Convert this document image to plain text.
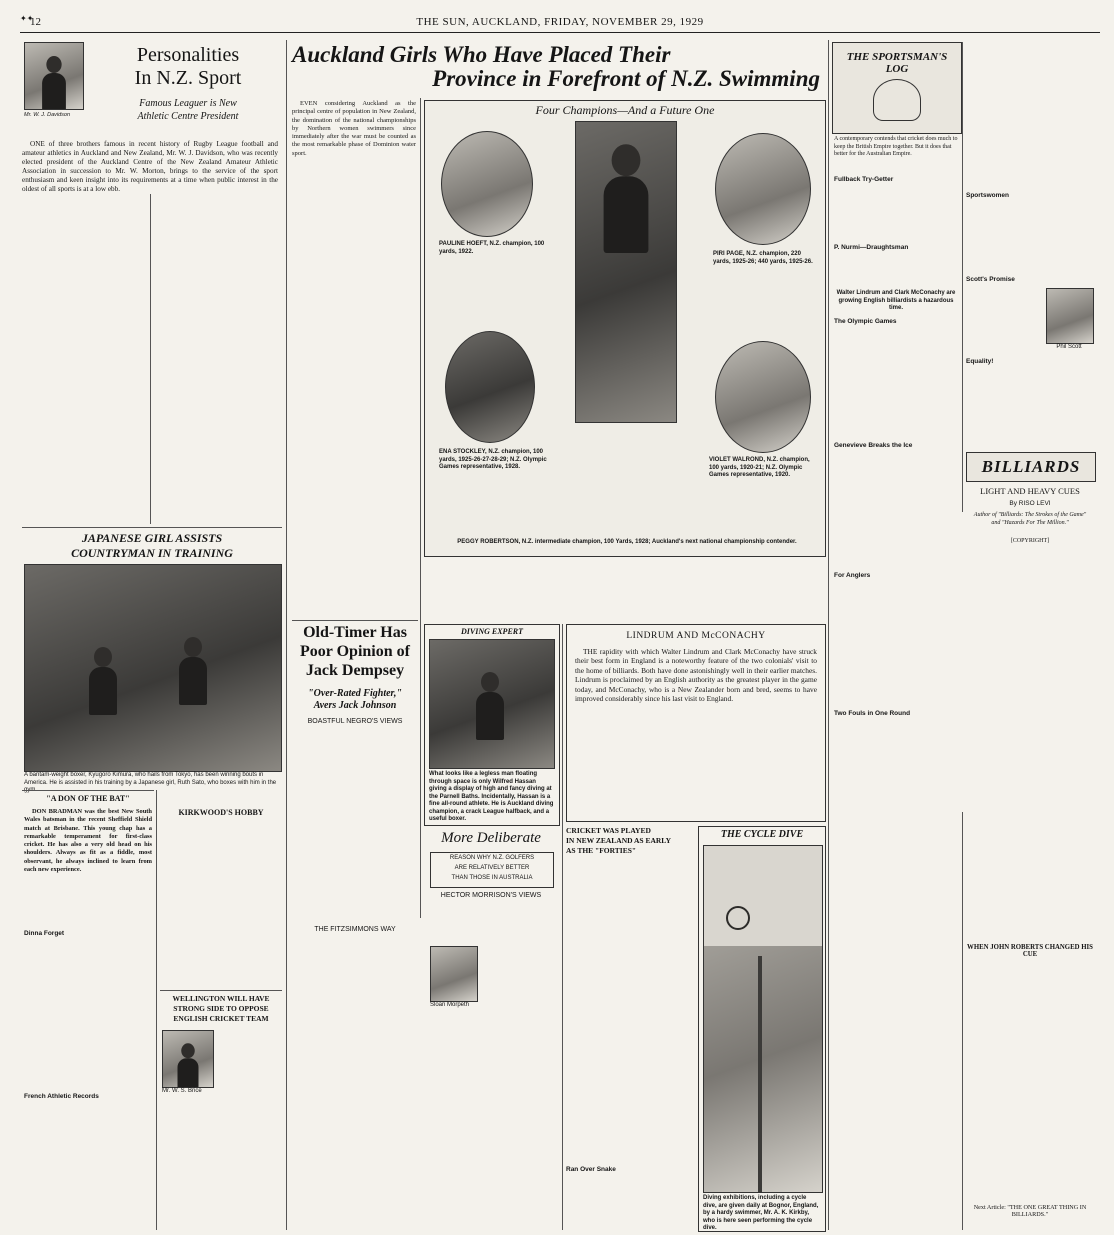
✦✦
12	THE SUN, AUCKLAND, FRIDAY, NOVEMBER 29, 1929
Mr. W. J. Davidson
Personalities
In N.Z. Sport
Famous Leaguer is New
Athletic Centre President

ONE of three brothers famous in recent history of Rugby League football and amateur athletics in Auckland and New Zealand, Mr. W. J. Davidson, who was recently elected president of the Auckland Centre of the New Zealand Amateur Athletic Association in succession to Mr. W. Morton, brings to the service of the sport enthusiasm and keen insight into its requirements at a time when public interest in the oldest of all sports is at a low ebb.

JAPANESE GIRL ASSISTS
COUNTRYMAN IN TRAINING
A bantam-weight boxer, Kyugoro Kimura, who hails from Tokyo, has been winning bouts in America. He is assisted in his training by a Japanese girl, Ruth Sato, who boxes with him in the
"A DON OF THE BAT"

DON BRADMAN was the best New South Wales batsman in the recent Sheffield Shield match at Brisbane. This young chap has a remarkable temperament for first-class cricket. He has also a very old head on his shoulders. Always as fit as a fiddle, most observant, he always inclined to learn from each new experience.

Dinna Forget
French Athletic Records
KIRKWOOD'S HOBBY
WELLINGTON WILL HAVE
STRONG SIDE TO OPPOSE
ENGLISH CRICKET TEAM
Mr. W. S. Brice
Auckland Girls Who Have Placed Their
Province in Forefront of N.Z. Swimming

EVEN considering Auckland as the principal centre of population in New Zealand, the domination of the national championships by Northern women swimmers since immediately after the war must be counted as the most remarkable phase of Dominion water sport.

Four Champions—And a Future One
PAULINE HOEFT, N.Z. champion, 100 yards, 1922.	PIRI PAGE, N.Z. champion, 220 yards, 1925-26; 440 yards, 1925-26.
ENA STOCKLEY, N.Z. champion, 100 yards, 1925-26-27-28-29; N.Z. Olympic Games representative, 1928.
VIOLET WALROND, N.Z. champion, 100 yards, 1920-21; N.Z. Olympic Games representative, 1920.
PEGGY ROBERTSON, N.Z. intermediate champion, 100 Yards, 1928; Auckland's next national championship contender.
Old-Timer Has
Poor Opinion of
Jack Dempsey
"Over-Rated Fighter,"
Avers Jack Johnson
BOASTFUL NEGRO'S VIEWS
THE FITZSIMMONS WAY
DIVING EXPERT
What looks like a legless man floating through space is only Wilfred Hassan giving a display of high and fancy diving at the Parnell Baths. Incidentally, Hassan is a fine all-round athlete. He is Auckland diving champion, a crack League halfback, and a useful boxer.
More Deliberate
REASON WHY N.Z. GOLFERS
ARE RELATIVELY BETTER
THAN THOSE IN AUSTRALIA
HECTOR MORRISON'S VIEWS
Sloan Morpeth
LINDRUM AND McCONACHY

THE rapidity with which Walter Lindrum and Clark McConachy have struck their best form in England is a noteworthy feature of the two colonials' visit to the home of billiards. Both have done astonishingly well in their earlier matches. Lindrum is proclaimed by an English authority as the greatest player in the game today, and McConachy, who is a New Zealander born and bred, seems to have improved considerably since his last visit to England.

CRICKET WAS PLAYED
IN NEW ZEALAND AS EARLY
AS THE "FORTIES"
Ran Over Snake
THE CYCLE DIVE
Diving exhibitions, including a cycle dive, are given daily at Bognor, England, by a hardy swimmer, Mr. A. K. Kirkby, who is here seen performing the cycle dive.
THE SPORTSMAN'S LOG
A contemporary contends that cricket does much to keep the British Empire together. But it does that better for the Australian Empire.
Fullback Try-Getter
P. Nurmi—Draughtsman
Walter Lindrum and Clark McConachy are growing English billiardists a hazardous time.
The Olympic Games
Genevieve Breaks the Ice
For Anglers
Two Fouls in One Round
Sportswomen
Scott's Promise
Phil Scott
Equality!
BILLIARDS
LIGHT AND HEAVY CUES
By RISO LEVI
Author of "Billiards: The Strokes of the Game" and "Hazards For The Million."
[COPYRIGHT]
WHEN JOHN ROBERTS CHANGED HIS CUE
Next Article: "THE ONE GREAT THING IN BILLIARDS."
